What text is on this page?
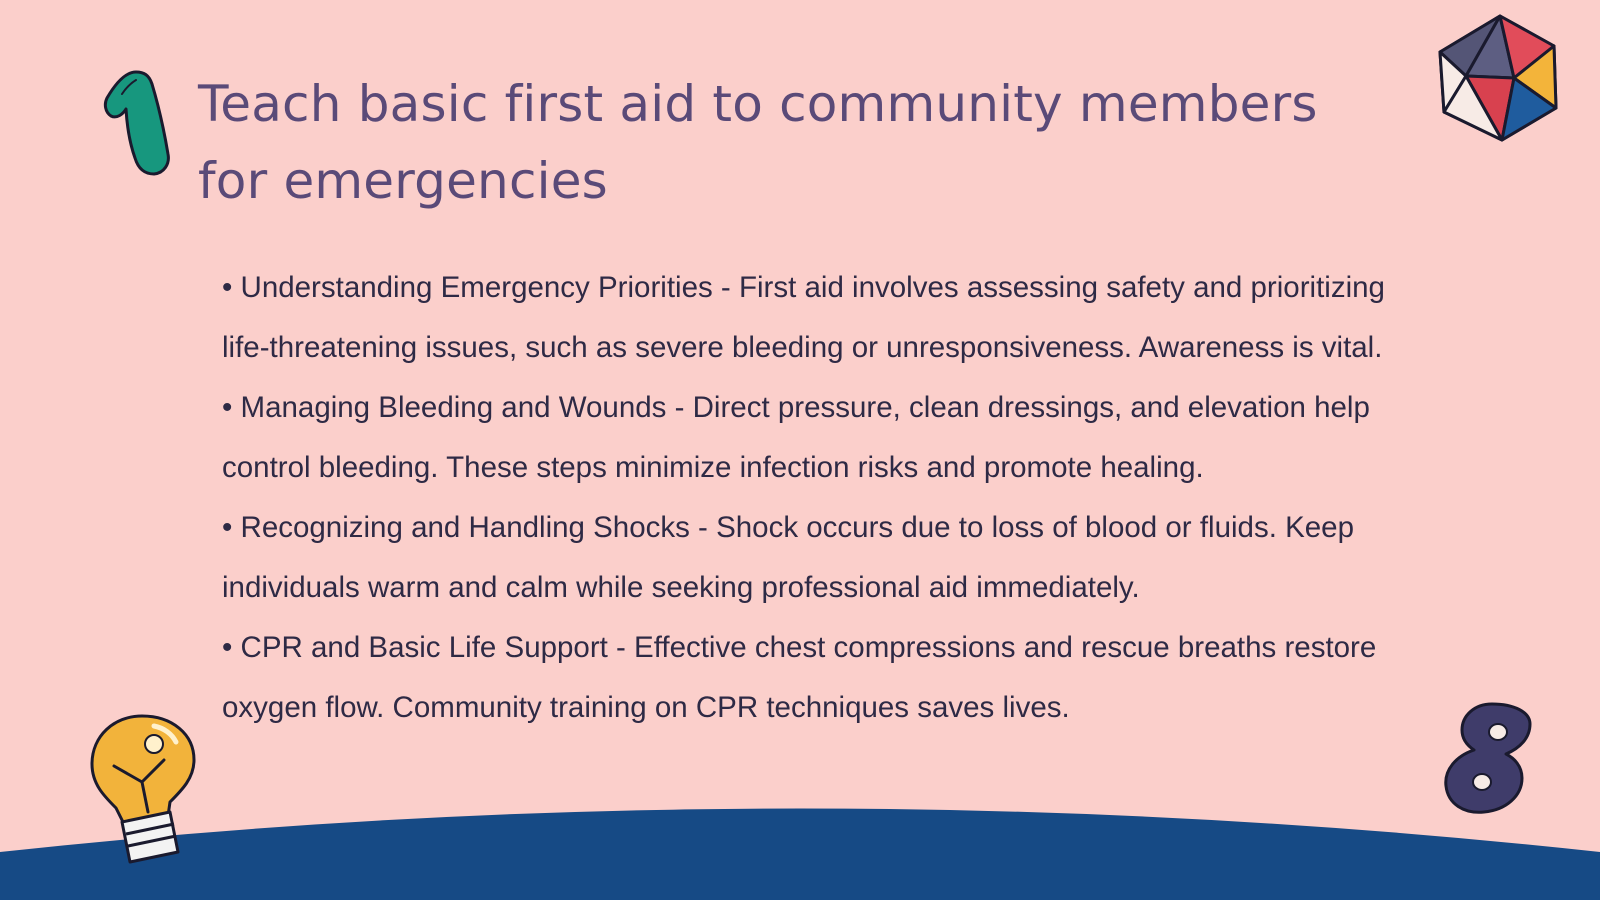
Teach basic first aid to community members for emergencies

• Understanding Emergency Priorities - First aid involves assessing safety and prioritizing life-threatening issues, such as severe bleeding or unresponsiveness. Awareness is vital.

• Managing Bleeding and Wounds - Direct pressure, clean dressings, and elevation help control bleeding. These steps minimize infection risks and promote healing.

• Recognizing and Handling Shocks - Shock occurs due to loss of blood or fluids. Keep individuals warm and calm while seeking professional aid immediately.

• CPR and Basic Life Support - Effective chest compressions and rescue breaths restore oxygen flow. Community training on CPR techniques saves lives.
